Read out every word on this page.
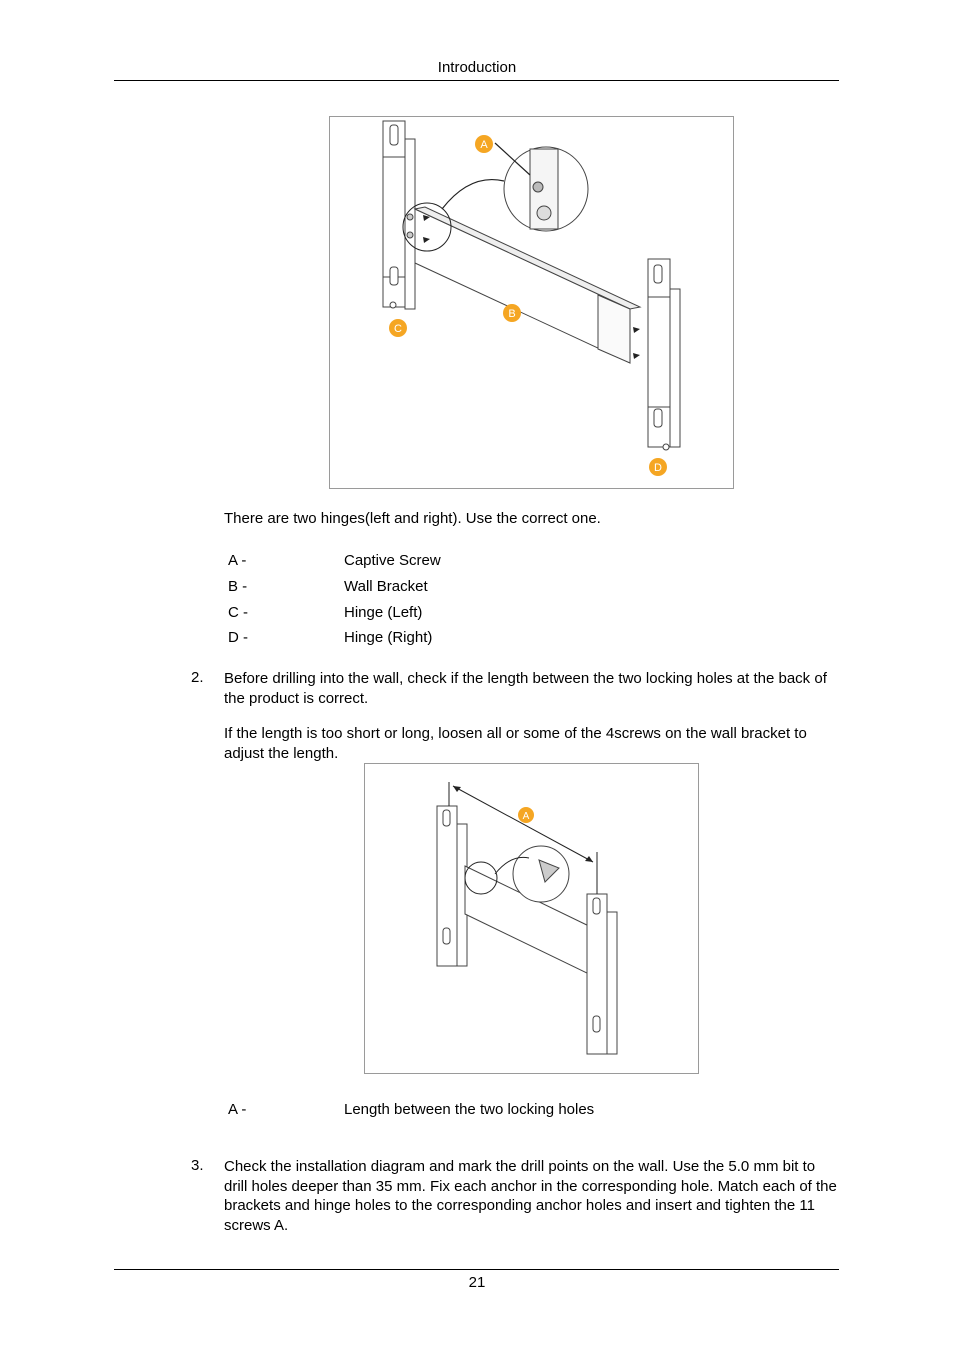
Introduction
A
B
C
D
There are two hinges(left and right). Use the correct one.
A -	Captive Screw
B -	Wall Bracket
C -	Hinge (Left)
D -	Hinge (Right)
2. Before drilling into the wall, check if the length between the two locking holes at the back of the product is correct.
If the length is too short or long, loosen all or some of the 4screws on the wall bracket to adjust the length.
A
A -	Length between the two locking holes
3. Check the installation diagram and mark the drill points on the wall. Use the 5.0 mm bit to drill holes deeper than 35 mm. Fix each anchor in the corresponding hole. Match each of the brackets and hinge holes to the corresponding anchor holes and insert and tighten the 11 screws A.
21
